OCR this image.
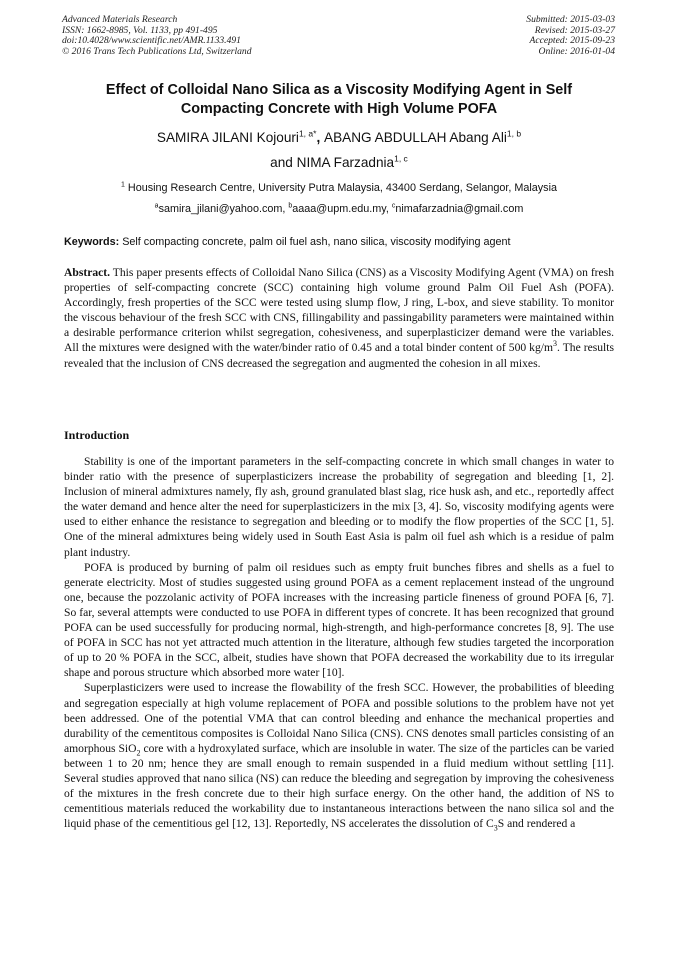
Advanced Materials Research
ISSN: 1662-8985, Vol. 1133, pp 491-495
doi:10.4028/www.scientific.net/AMR.1133.491
© 2016 Trans Tech Publications Ltd, Switzerland
Submitted: 2015-03-03
Revised: 2015-03-27
Accepted: 2015-09-23
Online: 2016-01-04
Effect of Colloidal Nano Silica as a Viscosity Modifying Agent in Self
Compacting Concrete with High Volume POFA
SAMIRA JILANI Kojouri$^{1, a*}$, ABANG ABDULLAH Abang Ali$^{1, b}$
and NIMA Farzadnia$^{1, c}$
$^1$ Housing Research Centre, University Putra Malaysia, 43400 Serdang, Selangor, Malaysia
$^a$samira_jilani@yahoo.com, $^b$aaaa@upm.edu.my, $^c$nimafarzadnia@gmail.com
Keywords: Self compacting concrete, palm oil fuel ash, nano silica, viscosity modifying agent
Abstract. This paper presents effects of Colloidal Nano Silica (CNS) as a Viscosity Modifying Agent (VMA) on fresh properties of self-compacting concrete (SCC) containing high volume ground Palm Oil Fuel Ash (POFA). Accordingly, fresh properties of the SCC were tested using slump flow, J ring, L-box, and sieve stability. To monitor the viscous behaviour of the fresh SCC with CNS, fillingability and passingability parameters were maintained within a desirable performance criterion whilst segregation, cohesiveness, and superplasticizer demand were the variables. All the mixtures were designed with the water/binder ratio of 0.45 and a total binder content of 500 $kg/m^3$. The results revealed that the inclusion of CNS decreased the segregation and augmented the cohesion in all mixes.
Introduction

Stability is one of the important parameters in the self-compacting concrete in which small changes in water to binder ratio with the presence of superplasticizers increase the probability of segregation and bleeding [1, 2]. Inclusion of mineral admixtures namely, fly ash, ground granulated blast slag, rice husk ash, and etc., reportedly affect the water demand and hence alter the need for superplasticizers in the mix [3, 4]. So, viscosity modifying agents were used to either enhance the resistance to segregation and bleeding or to modify the flow properties of the SCC [1, 5]. One of the mineral admixtures being widely used in South East Asia is palm oil fuel ash which is a residue of palm plant industry.

POFA is produced by burning of palm oil residues such as empty fruit bunches fibres and shells as a fuel to generate electricity. Most of studies suggested using ground POFA as a cement replacement instead of the unground one, because the pozzolanic activity of POFA increases with the increasing particle fineness of ground POFA [6, 7]. So far, several attempts were conducted to use POFA in different types of concrete. It has been recognized that ground POFA can be used successfully for producing normal, high-strength, and high-performance concretes [8, 9]. The use of POFA in SCC has not yet attracted much attention in the literature, although few studies targeted the incorporation of up to 20 % POFA in the SCC, albeit, studies have shown that POFA decreased the workability due to its irregular shape and porous structure which absorbed more water [10].

Superplasticizers were used to increase the flowability of the fresh SCC. However, the probabilities of bleeding and segregation especially at high volume replacement of POFA and possible solutions to the problem have not yet been addressed. One of the potential VMA that can control bleeding and enhance the mechanical properties and durability of the cementitous composites is Colloidal Nano Silica (CNS). CNS denotes small particles consisting of an amorphous SiO$_2$ core with a hydroxylated surface, which are insoluble in water. The size of the particles can be varied between 1 to 20 nm; hence they are small enough to remain suspended in a fluid medium without settling [11]. Several studies approved that nano silica (NS) can reduce the bleeding and segregation by improving the cohesiveness of the mixtures in the fresh concrete due to their high surface energy. On the other hand, the addition of NS to cementitious materials reduced the workability due to instantaneous interactions between the nano silica sol and the liquid phase of the cementitious gel [12, 13]. Reportedly, NS accelerates the dissolution of $C_3S$ and rendered a
